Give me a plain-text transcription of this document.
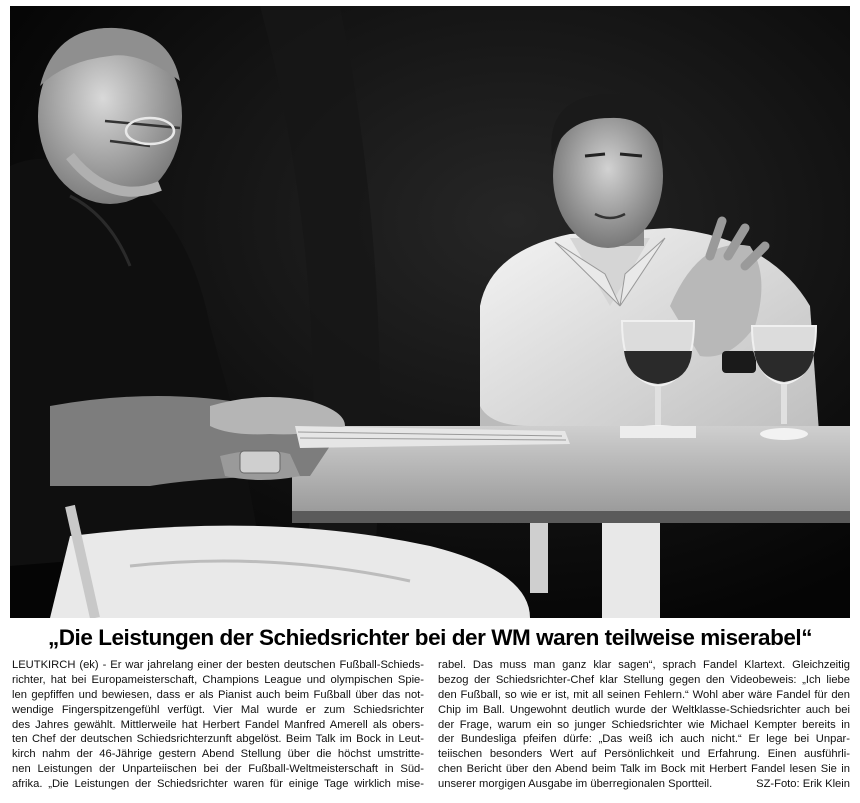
„Die Leistungen der Schiedsrichter bei der WM waren teilweise miserabel“
LEUTKIRCH (ek) - Er war jahrelang einer der besten deutschen Fußball-Schieds-
richter, hat bei Europameisterschaft, Champions League und olympischen Spie-
len gepfiffen und bewiesen, dass er als Pianist auch beim Fußball über das not-
wendige Fingerspitzengefühl verfügt. Vier Mal wurde er zum Schiedsrichter
des Jahres gewählt. Mittlerweile hat Herbert Fandel Manfred Amerell als obers-
ten Chef der deutschen Schiedsrichterzunft abgelöst. Beim Talk im Bock in Leut-
kirch nahm der 46-Jährige gestern Abend Stellung über die höchst umstritte-
nen Leistungen der Unparteiischen bei der Fußball-Weltmeisterschaft in Süd-
afrika. „Die Leistungen der Schiedsrichter waren für einige Tage wirklich mise-
rabel. Das muss man ganz klar sagen“, sprach Fandel Klartext. Gleichzeitig
bezog der Schiedsrichter-Chef klar Stellung gegen den Videobeweis: „Ich liebe
den Fußball, so wie er ist, mit all seinen Fehlern.“ Wohl aber wäre Fandel für den
Chip im Ball. Ungewohnt deutlich wurde der Weltklasse-Schiedsrichter auch bei
der Frage, warum ein so junger Schiedsrichter wie Michael Kempter bereits in
der Bundesliga pfeifen dürfe: „Das weiß ich auch nicht.“ Er lege bei Unpar-
teiischen besonders Wert auf Persönlichkeit und Erfahrung. Einen ausführli-
chen Bericht über den Abend beim Talk im Bock mit Herbert Fandel lesen Sie in
unserer morgigen Ausgabe im überregionalen Sportteil.	SZ-Foto: Erik Klein
